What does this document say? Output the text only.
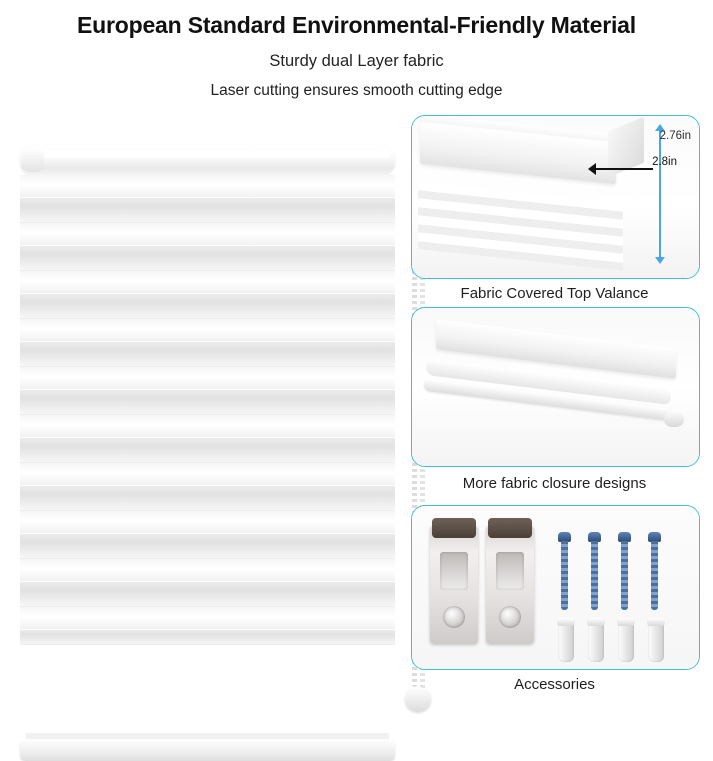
European Standard Environmental-Friendly Material
Sturdy dual Layer fabric
Laser cutting ensures smooth cutting edge
2.76in
2.8in
Fabric Covered Top Valance
More fabric closure designs
Accessories
